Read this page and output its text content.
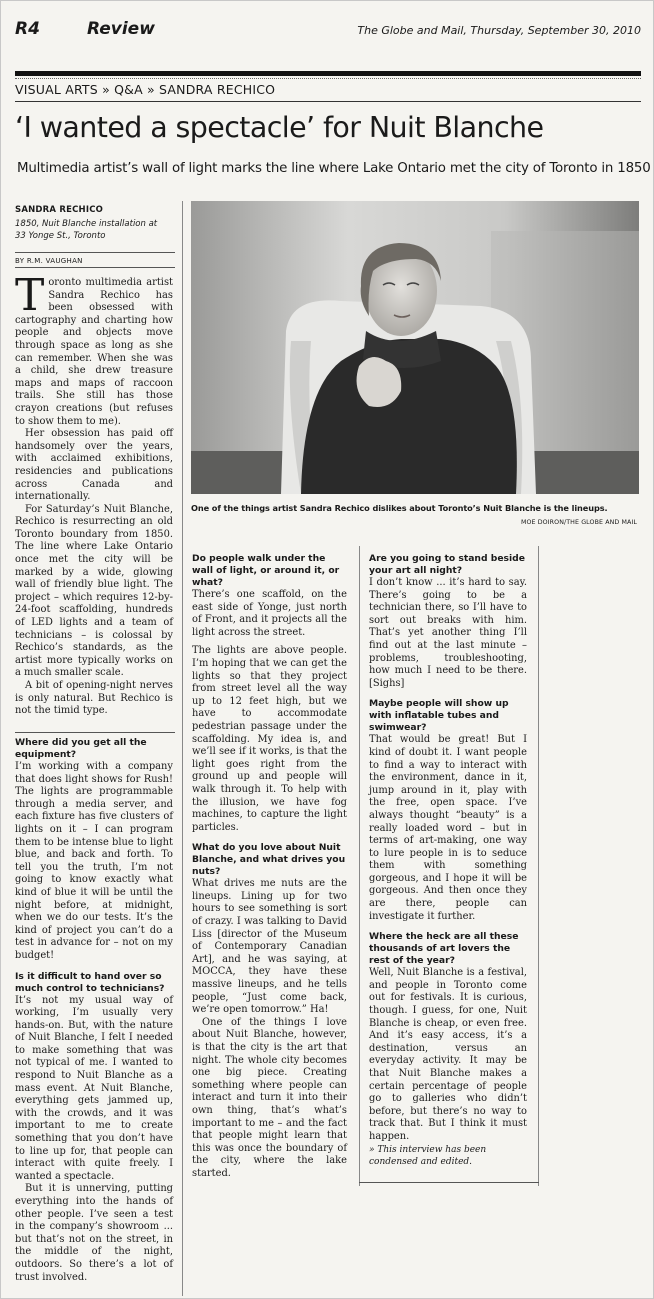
R4	Review	The Globe and Mail, Thursday, September 30, 2010
VISUAL ARTS » Q&A » SANDRA RECHICO
‘I wanted a spectacle’ for Nuit Blanche
Multimedia artist’s wall of light marks the line where Lake Ontario met the city of Toronto in 1850
SANDRA RECHICO
1850, Nuit Blanche installation at
33 Yonge St., Toronto
BY R.M. VAUGHAN
One of the things artist Sandra Rechico dislikes about Toronto’s Nuit Blanche is the lineups.
MOE DOIRON/THE GLOBE AND MAIL

Toronto multimedia artist Sandra Rechico has been obsessed with cartography and charting how people and objects move through space as long as she can remember. When she was a child, she drew treasure maps and maps of raccoon trails. She still has those crayon creations (but refuses to show them to me).

Her obsession has paid off handsomely over the years, with acclaimed exhibitions, residencies and publications across Canada and internationally.

For Saturday’s Nuit Blanche, Rechico is resurrecting an old Toronto boundary from 1850. The line where Lake Ontario once met the city will be marked by a wide, glowing wall of friendly blue light. The project – which requires 12-by-24-foot scaffolding, hundreds of LED lights and a team of technicians – is colossal by Rechico’s standards, as the artist more typically works on a much smaller scale.

A bit of opening-night nerves is only natural. But Rechico is not the timid type.

Where did you get all the equipment?

I’m working with a company that does light shows for Rush! The lights are programmable through a media server, and each fixture has five clusters of lights on it – I can program them to be intense blue to light blue, and back and forth. To tell you the truth, I’m not going to know exactly what kind of blue it will be until the night before, at midnight, when we do our tests. It’s the kind of project you can’t do a test in advance for – not on my budget!

Is it difficult to hand over so much control to technicians?

It’s not my usual way of working, I’m usually very hands-on. But, with the nature of Nuit Blanche, I felt I needed to make something that was not typical of me. I wanted to respond to Nuit Blanche as a mass event. At Nuit Blanche, everything gets jammed up, with the crowds, and it was important to me to create something that you don’t have to line up for, that people can interact with quite freely. I wanted a spectacle.

But it is unnerving, putting everything into the hands of other people. I’ve seen a test in the company’s showroom ... but that’s not on the street, in the middle of the night, outdoors. So there’s a lot of trust involved.

Do people walk under the wall of light, or around it, or what?

There’s one scaffold, on the east side of Yonge, just north of Front, and it projects all the light across the street.

The lights are above people. I’m hoping that we can get the lights so that they project from street level all the way up to 12 feet high, but we have to accommodate pedestrian passage under the scaffolding. My idea is, and we’ll see if it works, is that the light goes right from the ground up and people will walk through it. To help with the illusion, we have fog machines, to capture the light particles.

What do you love about Nuit Blanche, and what drives you nuts?

What drives me nuts are the lineups. Lining up for two hours to see something is sort of crazy. I was talking to David Liss [director of the Museum of Contemporary Canadian Art], and he was saying, at MOCCA, they have these massive lineups, and he tells people, “Just come back, we’re open tomorrow.” Ha!

One of the things I love about Nuit Blanche, however, is that the city is the art that night. The whole city becomes one big piece. Creating something where people can interact and turn it into their own thing, that’s what’s important to me – and the fact that people might learn that this was once the boundary of the city, where the lake started.

Are you going to stand beside your art all night?

I don’t know ... it’s hard to say. There’s going to be a technician there, so I’ll have to sort out breaks with him. That’s yet another thing I’ll find out at the last minute – problems, troubleshooting, how much I need to be there. [Sighs]

Maybe people will show up with inflatable tubes and swimwear?

That would be great! But I kind of doubt it. I want people to find a way to interact with the environment, dance in it, jump around in it, play with the free, open space. I’ve always thought “beauty” is a really loaded word – but in terms of art-making, one way to lure people in is to seduce them with something gorgeous, and I hope it will be gorgeous. And then once they are there, people can investigate it further.

Where the heck are all these thousands of art lovers the rest of the year?

Well, Nuit Blanche is a festival, and people in Toronto come out for festivals. It is curious, though. I guess, for one, Nuit Blanche is cheap, or even free. And it’s easy access, it’s a destination, versus an everyday activity. It may be that Nuit Blanche makes a certain percentage of people go to galleries who didn’t before, but there’s no way to track that. But I think it must happen.

» This interview has been condensed and edited.
